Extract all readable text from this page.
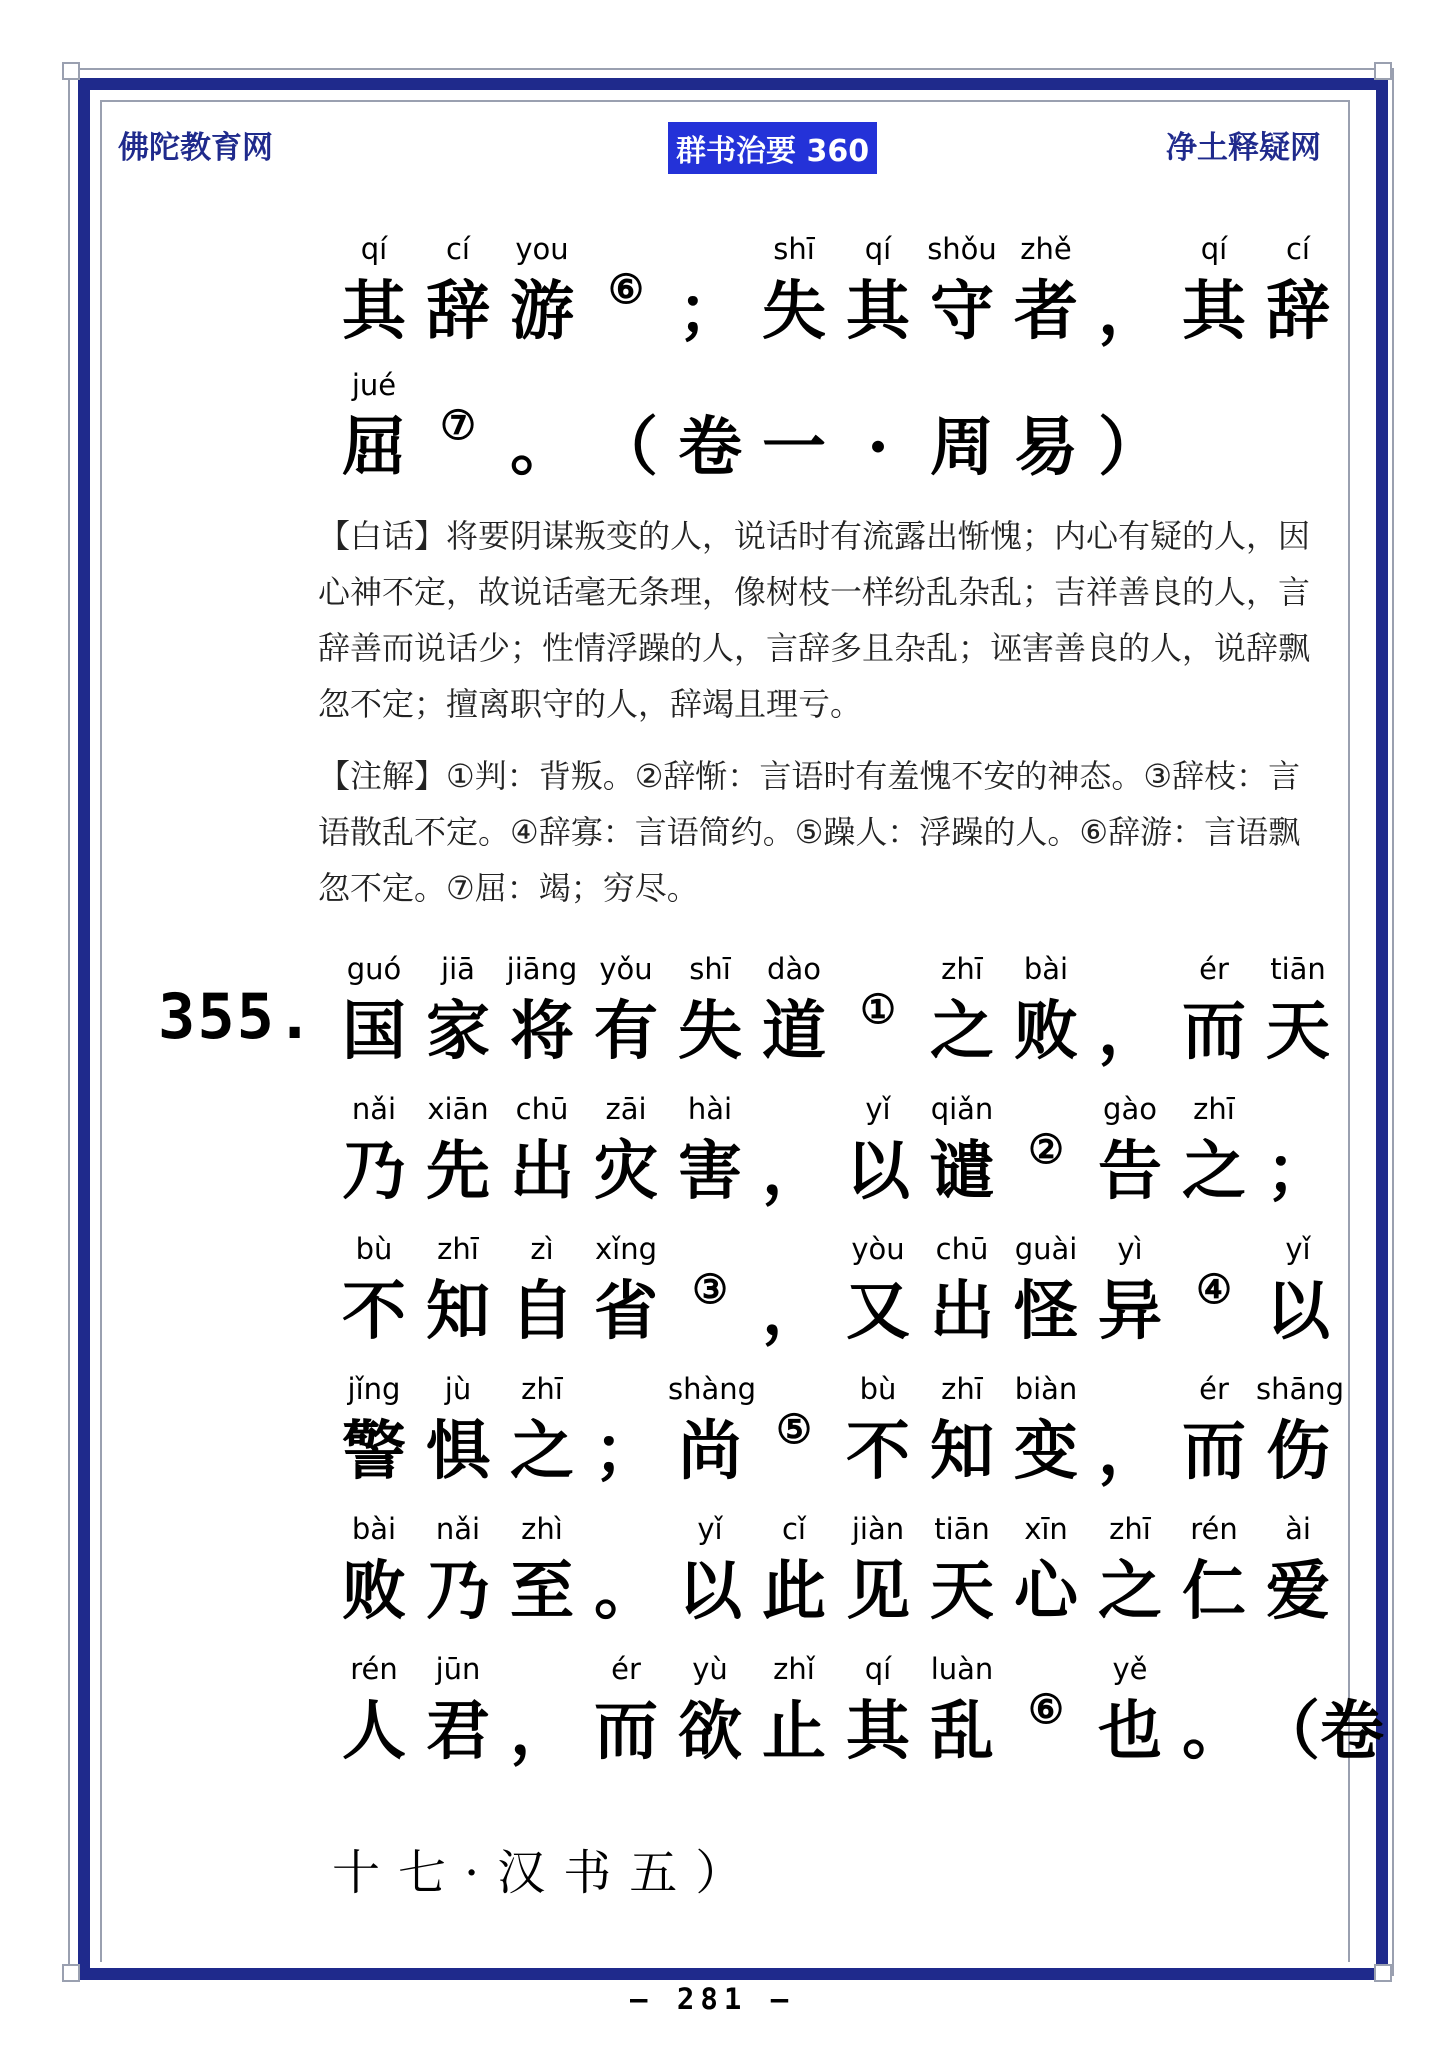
佛陀教育网	群书治要 360	净土释疑网
qí
其
cí
辞
you
游 ⑥ ；
shī
失
qí
其
shǒu
守
zhě
者 ，
qí
其
cí
辞
jué
屈 ⑦ 。 （ 卷 一 · 周 易 ）
【白话】将要阴谋叛变的人，说话时有流露出惭愧；内心有疑的人，因心神不定，故说话毫无条理，像树枝一样纷乱杂乱；吉祥善良的人，言辞善而说话少；性情浮躁的人，言辞多且杂乱；诬害善良的人，说辞飘忽不定；擅离职守的人，辞竭且理亏。
【注解】①判：背叛。②辞惭：言语时有羞愧不安的神态。③辞枝：言语散乱不定。④辞寡：言语简约。⑤躁人：浮躁的人。⑥辞游：言语飘忽不定。⑦屈：竭；穷尽。
355.
guó
国
jiā
家
jiāng
将
yǒu
有
shī
失
dào
道 ①
zhī
之
bài
败 ，
ér
而
tiān
天
nǎi
乃
xiān
先
chū
出
zāi
灾
hài
害 ，
yǐ
以
qiǎn
谴 ②
gào
告
zhī
之 ；
bù
不
zhī
知
zì
自
xǐng
省 ③ ，
yòu
又
chū
出
guài
怪
yì
异 ④
yǐ
以
jǐng
警
jù
惧
zhī
之 ；
shàng
尚 ⑤
bù
不
zhī
知
biàn
变 ，
ér
而
shāng
伤
bài
败
nǎi
乃
zhì
至 。
yǐ
以
cǐ
此
jiàn
见
tiān
天
xīn
心
zhī
之
rén
仁
ài
爱
rén
人
jūn
君 ，
ér
而
yù
欲
zhǐ
止
qí
其
luàn
乱 ⑥
yě
也 。 （卷
十七·汉书五）
– 281 –
